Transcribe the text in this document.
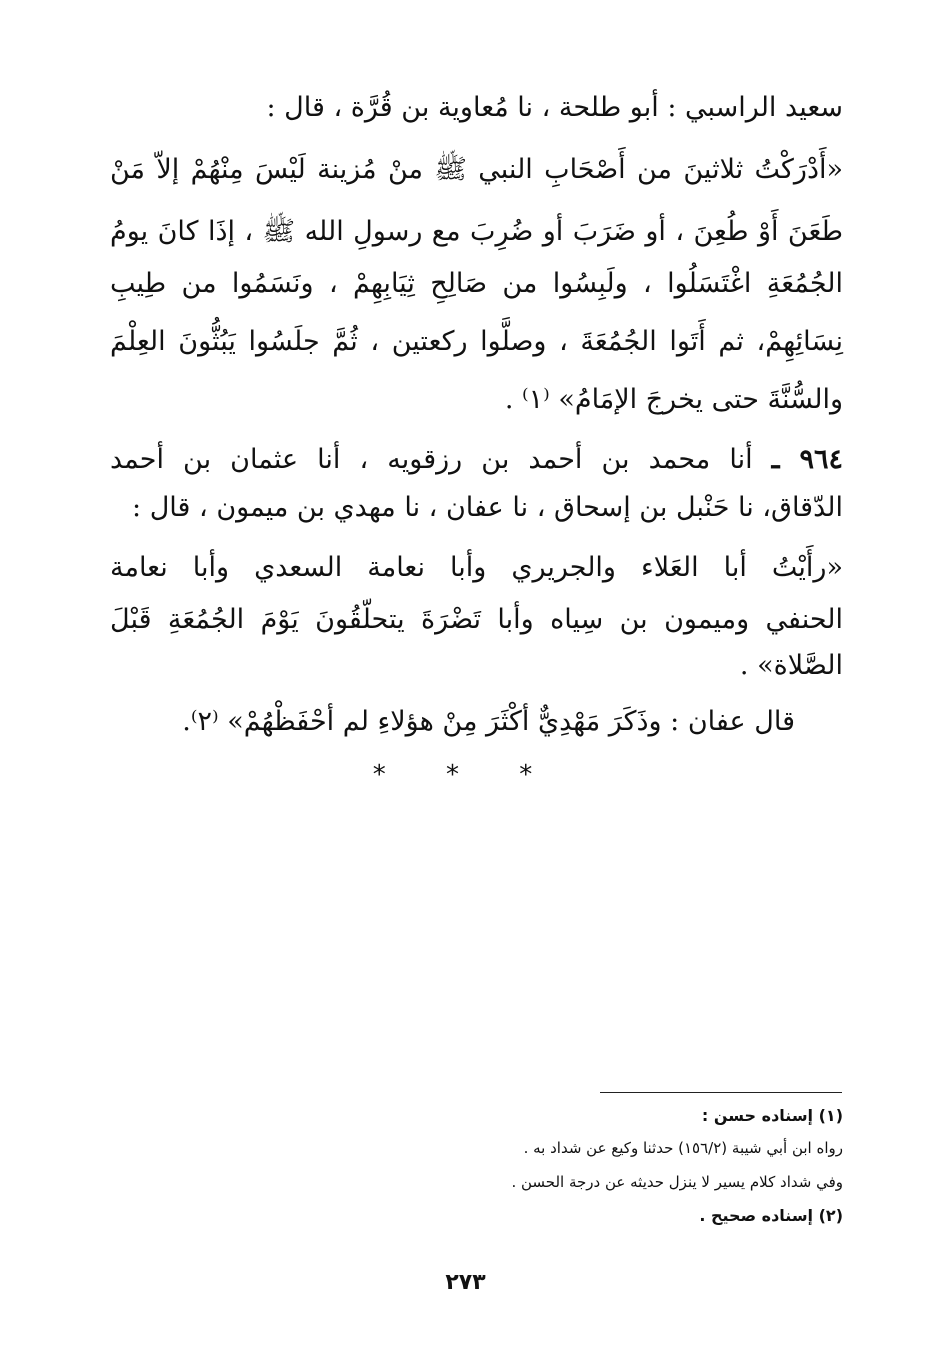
سعيد الراسبي : أبو طلحة ، نا مُعاوية بن قُرَّة ، قال :
«أَدْرَكْتُ ثلاثينَ من أَصْحَابِ النبي ﷺ منْ مُزينة لَيْسَ مِنْهُمْ إلاّ مَنْ
طَعَنَ أَوْ طُعِنَ ، أو ضَرَبَ أو ضُرِبَ مع رسولِ الله ﷺ ، إذَا كانَ يومُ
الجُمُعَةِ اغْتَسَلُوا ، ولَبِسُوا من صَالِحِ ثِيَابِهِمْ ، ونَسَمُوا من طِيبِ
نِسَائِهِمْ، ثم أَتَوا الجُمُعَةَ ، وصلَّوا ركعتين ، ثُمَّ جلَسُوا يَبُثُّونَ العِلْمَ
والسُّنَّةَ حتى يخرجَ الإمَامُ» ⁽١⁾ .
٩٦٤ ـ أنا محمد بن أحمد بن رزقويه ، أنا عثمان بن أحمد
الدّقاق، نا حَنْبل بن إسحاق ، نا عفان ، نا مهدي بن ميمون ، قال :
«رأَيْتُ أبا العَلاء والجريري وأبا نعامة السعدي وأبا نعامة
الحنفي وميمون بن سِياه وأبا تَضْرَةَ يتحلّقُونَ يَوْمَ الجُمُعَةِ قَبْلَ
الصَّلاة» .
قال عفان : وذَكَرَ مَهْدِيٌّ أكْثَرَ مِنْ هؤلاءِ لم أحْفَظْهُمْ» ⁽٢⁾.
* * *
(١) إسناده حسن :
رواه ابن أبي شيبة (١٥٦/٢) حدثنا وكيع عن شداد به .
وفي شداد كلام يسير لا ينزل حديثه عن درجة الحسن .
(٢) إسناده صحيح .
٢٧٣
